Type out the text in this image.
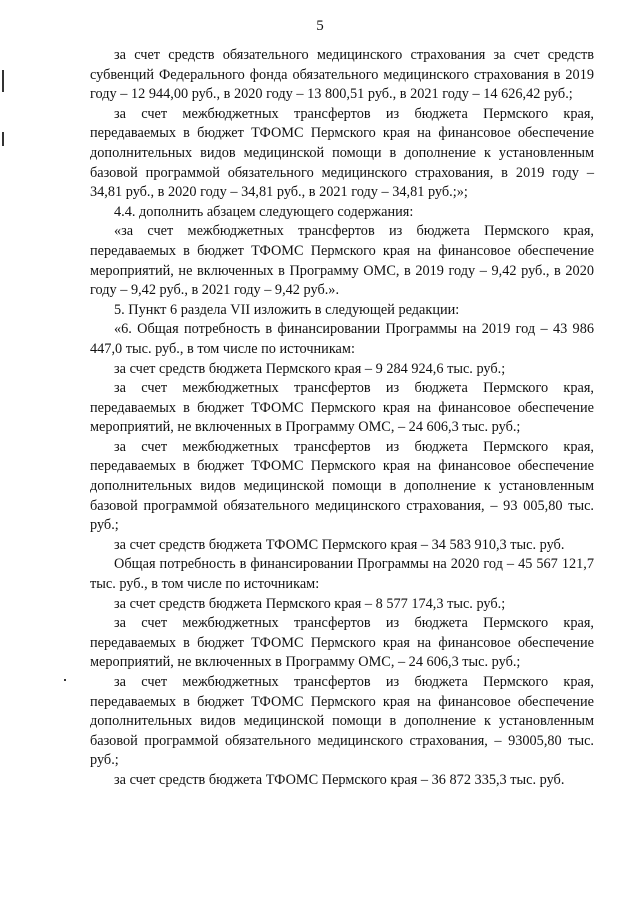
5

за счет средств обязательного медицинского страхования за счет средств субвенций Федерального фонда обязательного медицинского страхования в 2019 году – 12 944,00 руб., в 2020 году – 13 800,51 руб., в 2021 году – 14 626,42 руб.;

за счет межбюджетных трансфертов из бюджета Пермского края, передаваемых в бюджет ТФОМС Пермского края на финансовое обеспечение дополнительных видов медицинской помощи в дополнение к установленным базовой программой обязательного медицинского страхования, в 2019 году – 34,81 руб., в 2020 году – 34,81 руб., в 2021 году – 34,81 руб.;»;

4.4. дополнить абзацем следующего содержания:

«за счет межбюджетных трансфертов из бюджета Пермского края, передаваемых в бюджет ТФОМС Пермского края на финансовое обеспечение мероприятий, не включенных в Программу ОМС, в 2019 году – 9,42 руб., в 2020 году – 9,42 руб., в 2021 году – 9,42 руб.».

5. Пункт 6 раздела VII изложить в следующей редакции:

«6. Общая потребность в финансировании Программы на 2019 год – 43 986 447,0 тыс. руб., в том числе по источникам:

за счет средств бюджета Пермского края – 9 284 924,6 тыс. руб.;

за счет межбюджетных трансфертов из бюджета Пермского края, передаваемых в бюджет ТФОМС Пермского края на финансовое обеспечение мероприятий, не включенных в Программу ОМС, – 24 606,3 тыс. руб.;

за счет межбюджетных трансфертов из бюджета Пермского края, передаваемых в бюджет ТФОМС Пермского края на финансовое обеспечение дополнительных видов медицинской помощи в дополнение к установленным базовой программой обязательного медицинского страхования, – 93 005,80 тыс. руб.;

за счет средств бюджета ТФОМС Пермского края – 34 583 910,3 тыс. руб.

Общая потребность в финансировании Программы на 2020 год – 45 567 121,7 тыс. руб., в том числе по источникам:

за счет средств бюджета Пермского края – 8 577 174,3 тыс. руб.;

за счет межбюджетных трансфертов из бюджета Пермского края, передаваемых в бюджет ТФОМС Пермского края на финансовое обеспечение мероприятий, не включенных в Программу ОМС, – 24 606,3 тыс. руб.;

за счет межбюджетных трансфертов из бюджета Пермского края, передаваемых в бюджет ТФОМС Пермского края на финансовое обеспечение дополнительных видов медицинской помощи в дополнение к установленным базовой программой обязательного медицинского страхования, – 93005,80 тыс. руб.;

за счет средств бюджета ТФОМС Пермского края – 36 872 335,3 тыс. руб.
